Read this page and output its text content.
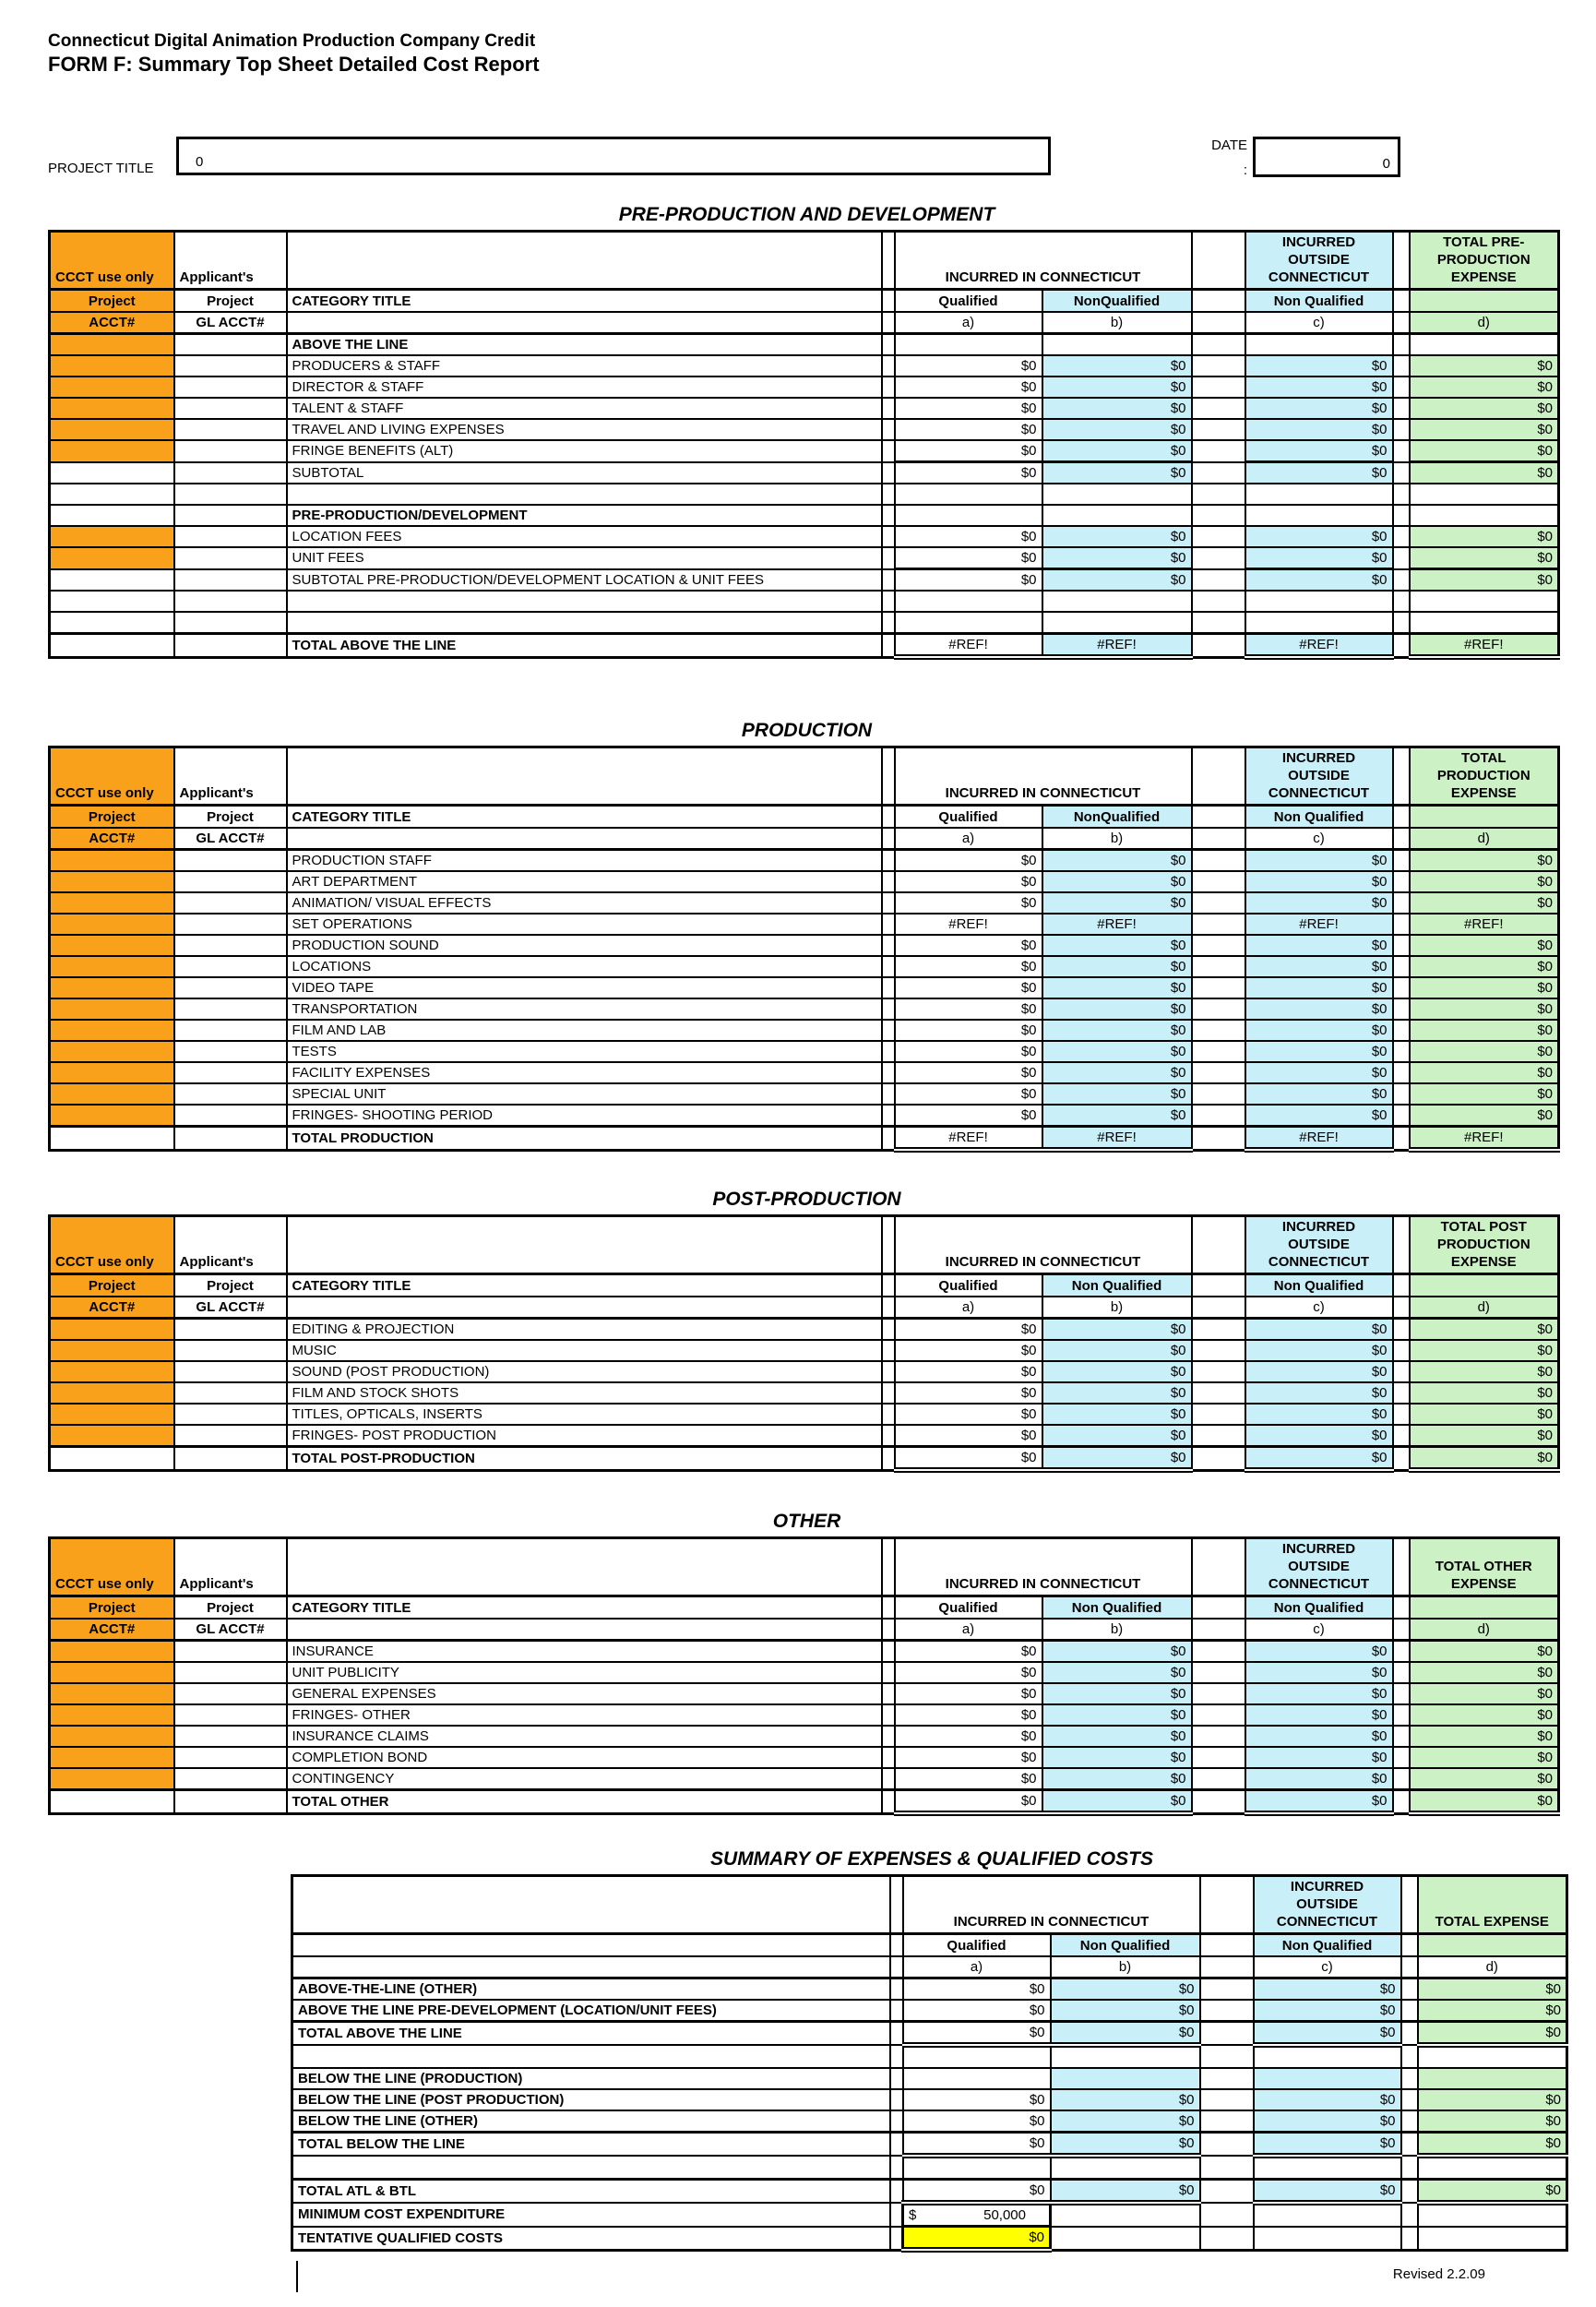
Connecticut Digital Animation Production Company Credit
FORM F: Summary Top Sheet Detailed Cost Report
PROJECT TITLE	0
DATE
:	0
PRE-PRODUCTION AND DEVELOPMENT
CCCT use only	Applicant's			INCURRED IN CONNECTICUT			INCURRED OUTSIDE CONNECTICUT		TOTAL PRE-PRODUCTION EXPENSE
Project	Project	CATEGORY TITLE		Qualified	NonQualified		Non Qualified		
ACCT#	GL ACCT#			a)	b)		c)		d)
		ABOVE THE LINE							
		PRODUCERS & STAFF		$0	$0		$0		$0
		DIRECTOR & STAFF		$0	$0		$0		$0
		TALENT & STAFF		$0	$0		$0		$0
		TRAVEL AND LIVING EXPENSES		$0	$0		$0		$0
		FRINGE BENEFITS (ALT)		$0	$0		$0		$0
		SUBTOTAL		$0	$0		$0		$0

		PRE-PRODUCTION/DEVELOPMENT							
		LOCATION FEES		$0	$0		$0		$0
		UNIT FEES		$0	$0		$0		$0
		SUBTOTAL PRE-PRODUCTION/DEVELOPMENT LOCATION & UNIT FEES		$0	$0		$0		$0

		TOTAL ABOVE THE LINE		#REF!	#REF!		#REF!		#REF!
PRODUCTION
CCCT use only	Applicant's			INCURRED IN CONNECTICUT			INCURRED OUTSIDE CONNECTICUT		TOTAL PRODUCTION EXPENSE
Project	Project	CATEGORY TITLE		Qualified	NonQualified		Non Qualified		
ACCT#	GL ACCT#			a)	b)		c)		d)
		PRODUCTION STAFF		$0	$0		$0		$0
		ART DEPARTMENT		$0	$0		$0		$0
		ANIMATION/ VISUAL EFFECTS		$0	$0		$0		$0
		SET OPERATIONS		#REF!	#REF!		#REF!		#REF!
		PRODUCTION SOUND		$0	$0		$0		$0
		LOCATIONS		$0	$0		$0		$0
		VIDEO TAPE		$0	$0		$0		$0
		TRANSPORTATION		$0	$0		$0		$0
		FILM AND LAB		$0	$0		$0		$0
		TESTS		$0	$0		$0		$0
		FACILITY EXPENSES		$0	$0		$0		$0
		SPECIAL UNIT		$0	$0		$0		$0
		FRINGES- SHOOTING PERIOD		$0	$0		$0		$0
		TOTAL PRODUCTION		#REF!	#REF!		#REF!		#REF!
POST-PRODUCTION
CCCT use only	Applicant's			INCURRED IN CONNECTICUT			INCURRED OUTSIDE CONNECTICUT		TOTAL POST PRODUCTION EXPENSE
Project	Project	CATEGORY TITLE		Qualified	Non Qualified		Non Qualified		
ACCT#	GL ACCT#			a)	b)		c)		d)
		EDITING & PROJECTION		$0	$0		$0		$0
		MUSIC		$0	$0		$0		$0
		SOUND (POST PRODUCTION)		$0	$0		$0		$0
		FILM AND STOCK SHOTS		$0	$0		$0		$0
		TITLES, OPTICALS, INSERTS		$0	$0		$0		$0
		FRINGES- POST PRODUCTION		$0	$0		$0		$0
		TOTAL POST-PRODUCTION		$0	$0		$0		$0
OTHER
CCCT use only	Applicant's			INCURRED IN CONNECTICUT			INCURRED OUTSIDE CONNECTICUT		TOTAL OTHER EXPENSE
Project	Project	CATEGORY TITLE		Qualified	Non Qualified		Non Qualified		
ACCT#	GL ACCT#			a)	b)		c)		d)
		INSURANCE		$0	$0		$0		$0
		UNIT PUBLICITY		$0	$0		$0		$0
		GENERAL EXPENSES		$0	$0		$0		$0
		FRINGES- OTHER		$0	$0		$0		$0
		INSURANCE CLAIMS		$0	$0		$0		$0
		COMPLETION BOND		$0	$0		$0		$0
		CONTINGENCY		$0	$0		$0		$0
		TOTAL OTHER		$0	$0		$0		$0
SUMMARY OF EXPENSES & QUALIFIED COSTS
		INCURRED IN CONNECTICUT			INCURRED OUTSIDE CONNECTICUT		TOTAL EXPENSE
		Qualified	Non Qualified		Non Qualified		
		a)	b)		c)		d)
ABOVE-THE-LINE (OTHER)		$0	$0		$0		$0
ABOVE THE LINE PRE-DEVELOPMENT (LOCATION/UNIT FEES)		$0	$0		$0		$0
TOTAL ABOVE THE LINE		$0	$0		$0		$0

BELOW THE LINE (PRODUCTION)							
BELOW THE LINE (POST PRODUCTION)		$0	$0		$0		$0
BELOW THE LINE (OTHER)		$0	$0		$0		$0
TOTAL BELOW THE LINE		$0	$0		$0		$0

TOTAL ATL & BTL		$0	$0		$0		$0
MINIMUM COST EXPENDITURE		$ 50,000					

TENTATIVE QUALIFIED COSTS		$0					
Revised 2.2.09
